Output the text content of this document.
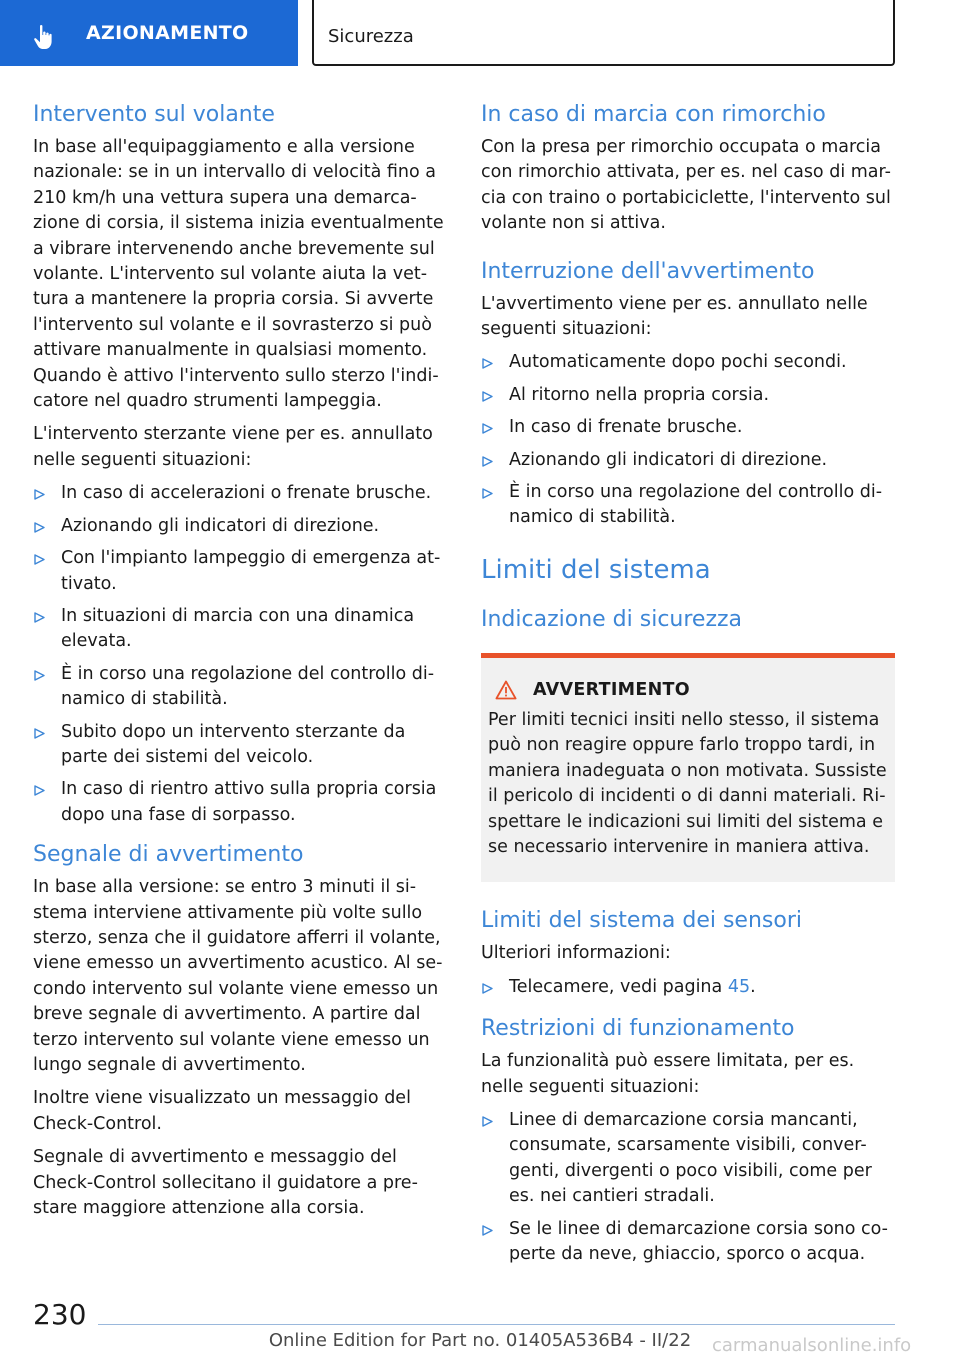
AZIONAMENTO	Sicurezza
Intervento sul volante

In base all'equipaggiamento e alla versione nazionale: se in un intervallo di velocità fino a 210 km/h una vettura supera una demarca-zione di corsia, il sistema inizia eventualmente a vibrare intervenendo anche brevemente sul volante. L'intervento sul volante aiuta la vet-tura a mantenere la propria corsia. Si avverte l'intervento sul volante e il sovrasterzo si può attivare manualmente in qualsiasi momento. Quando è attivo l'intervento sullo sterzo l'indi-catore nel quadro strumenti lampeggia.

L'intervento sterzante viene per es. annullato nelle seguenti situazioni:

In caso di accelerazioni o frenate brusche.
Azionando gli indicatori di direzione.
Con l'impianto lampeggio di emergenza at-tivato.
In situazioni di marcia con una dinamica elevata.
È in corso una regolazione del controllo di-namico di stabilità.
Subito dopo un intervento sterzante da parte dei sistemi del veicolo.
In caso di rientro attivo sulla propria corsia dopo una fase di sorpasso.
Segnale di avvertimento

In base alla versione: se entro 3 minuti il si-stema interviene attivamente più volte sullo sterzo, senza che il guidatore afferri il volante, viene emesso un avvertimento acustico. Al se-condo intervento sul volante viene emesso un breve segnale di avvertimento. A partire dal terzo intervento sul volante viene emesso un lungo segnale di avvertimento.

Inoltre viene visualizzato un messaggio del Check-Control.

Segnale di avvertimento e messaggio del Check-Control sollecitano il guidatore a pre-stare maggiore attenzione alla corsia.

In caso di marcia con rimorchio

Con la presa per rimorchio occupata o marcia con rimorchio attivata, per es. nel caso di mar-cia con traino o portabiciclette, l'intervento sul volante non si attiva.

Interruzione dell'avvertimento

L'avvertimento viene per es. annullato nelle seguenti situazioni:

Automaticamente dopo pochi secondi.
Al ritorno nella propria corsia.
In caso di frenate brusche.
Azionando gli indicatori di direzione.
È in corso una regolazione del controllo di-namico di stabilità.
Limiti del sistema
Indicazione di sicurezza
AVVERTIMENTO

Per limiti tecnici insiti nello stesso, il sistema può non reagire oppure farlo troppo tardi, in maniera inadeguata o non motivata. Sussiste il pericolo di incidenti o di danni materiali. Ri-spettare le indicazioni sui limiti del sistema e se necessario intervenire in maniera attiva.

Limiti del sistema dei sensori

Ulteriori informazioni:

Telecamere, vedi pagina 45.
Restrizioni di funzionamento

La funzionalità può essere limitata, per es. nelle seguenti situazioni:

Linee di demarcazione corsia mancanti, consumate, scarsamente visibili, conver-genti, divergenti o poco visibili, come per es. nei cantieri stradali.
Se le linee di demarcazione corsia sono co-perte da neve, ghiaccio, sporco o acqua.
230
Online Edition for Part no. 01405A536B4 - II/22	carmanualsonline.info
